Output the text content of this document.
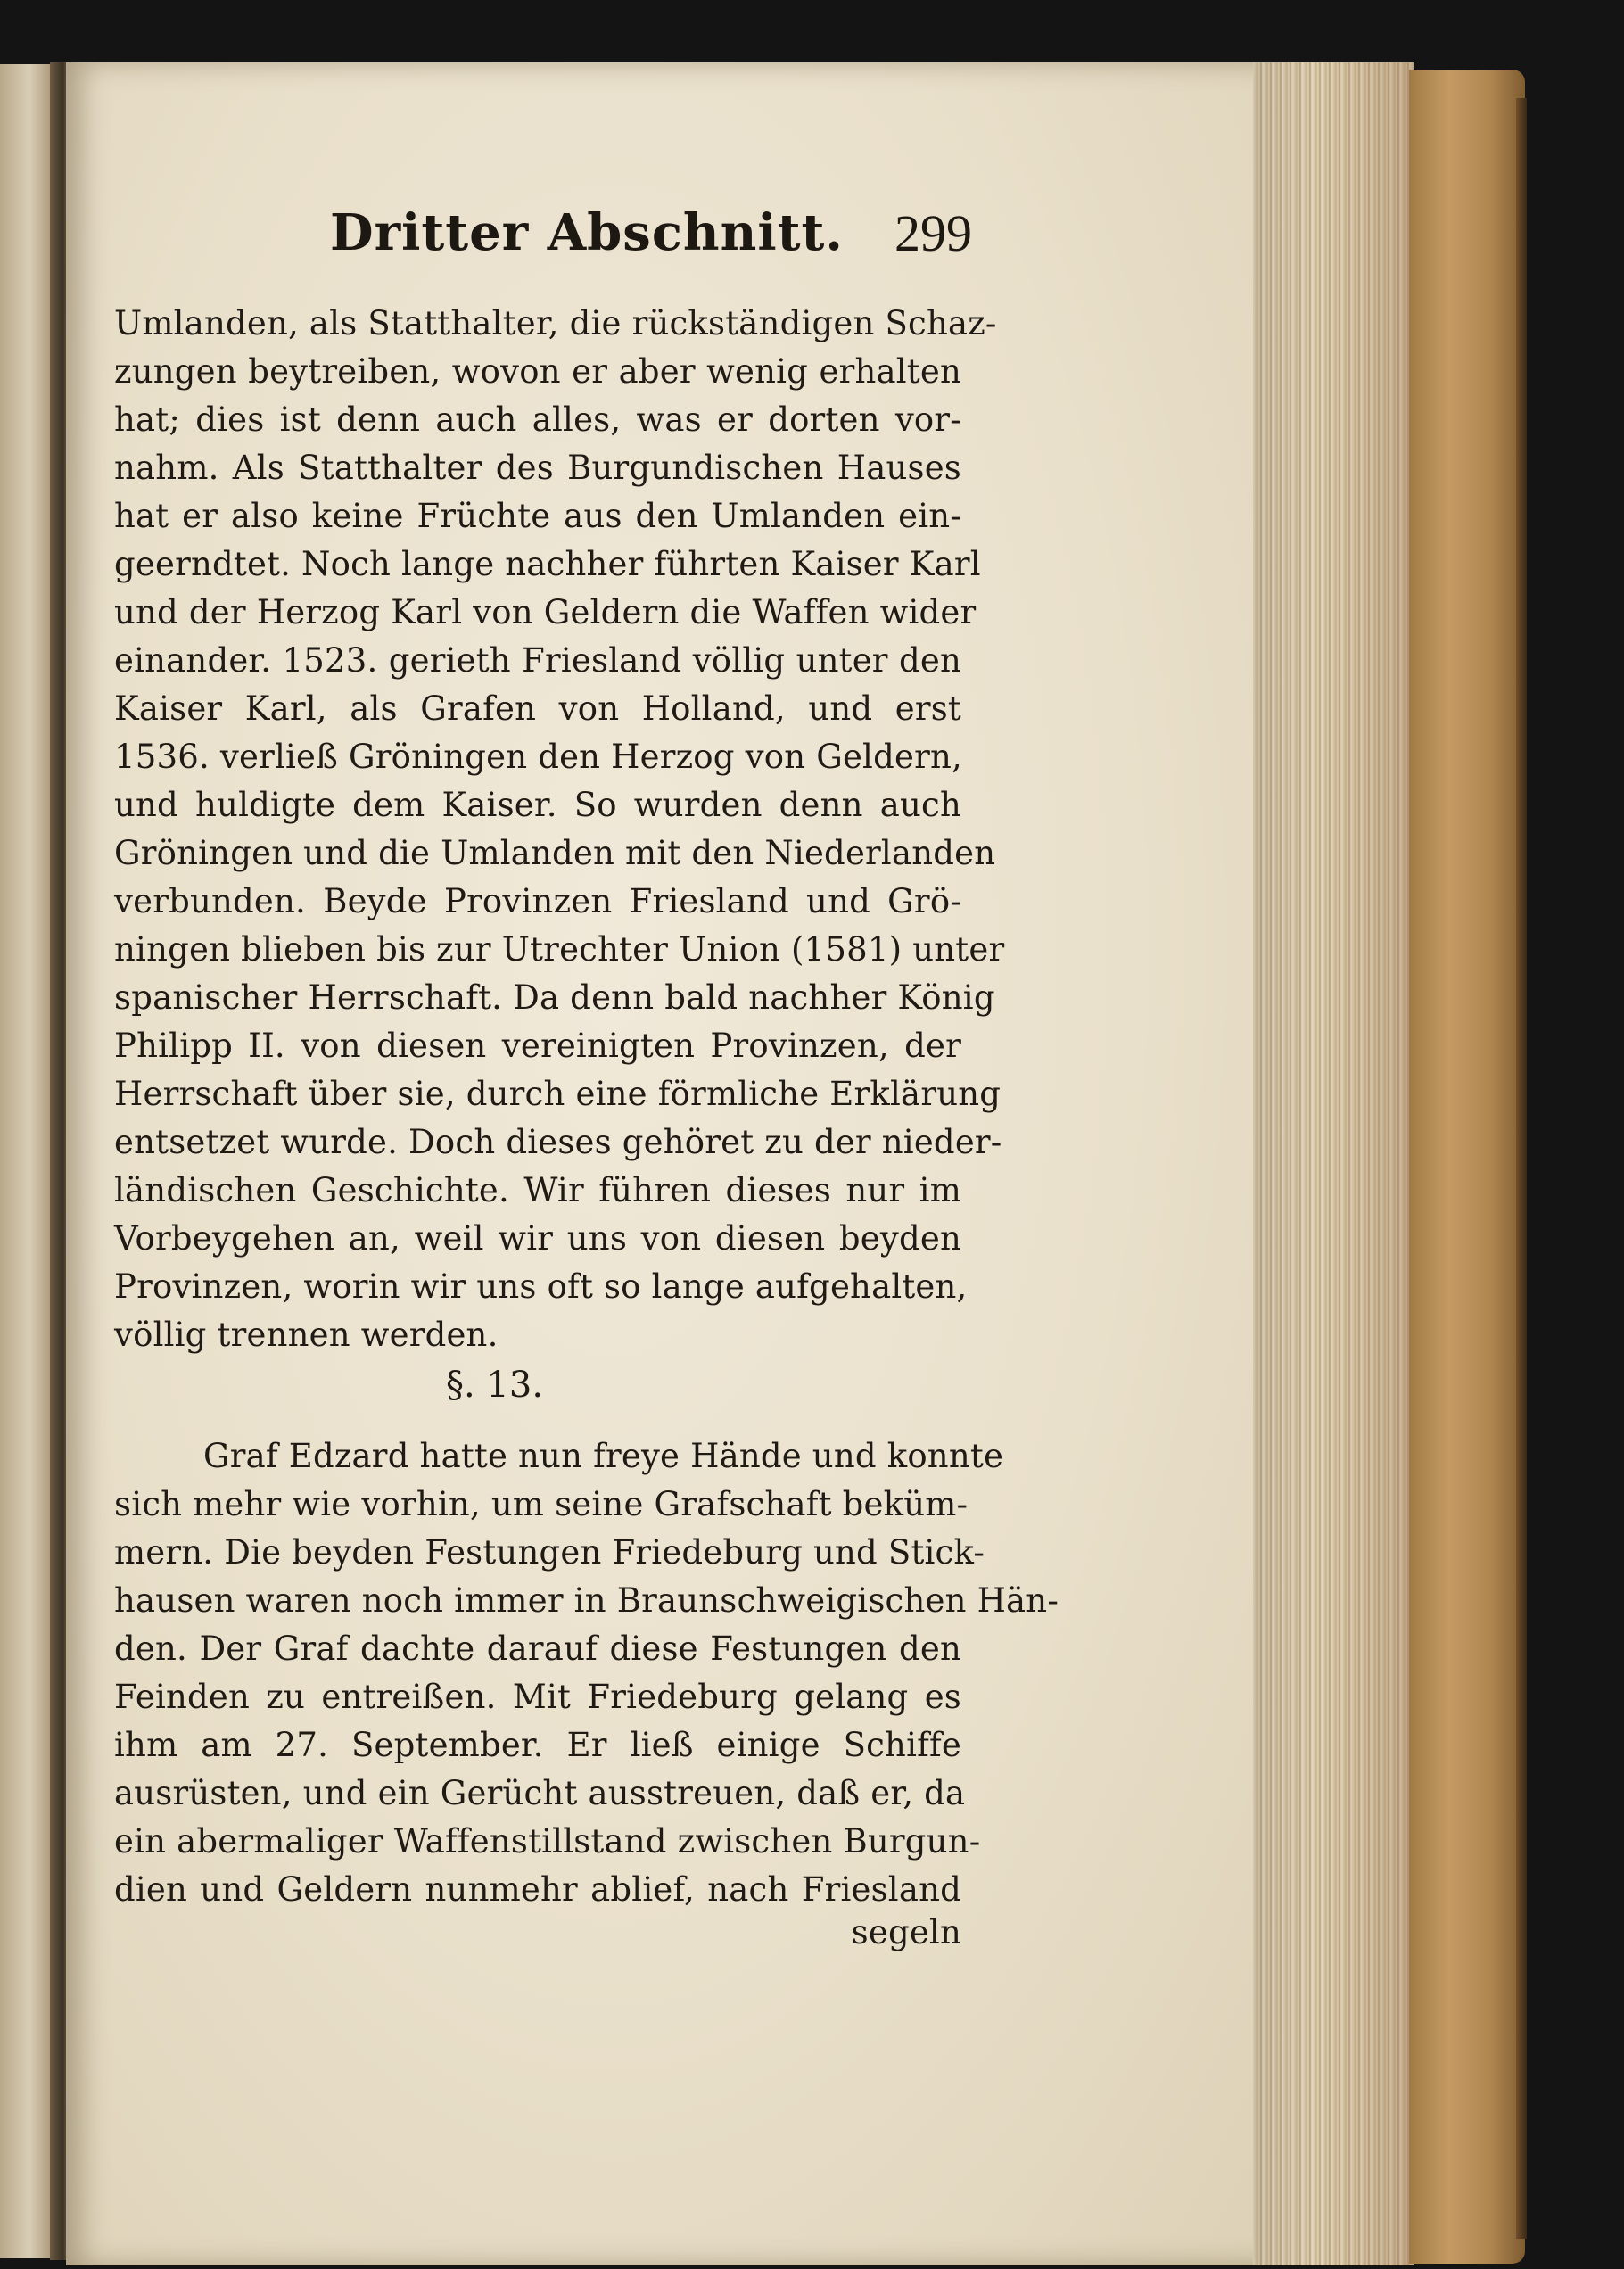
Dritter Abschnitt. 299
Umlanden, als Statthalter, die rückständigen Schaz-
zungen beytreiben, wovon er aber wenig erhalten
hat; dies ist denn auch alles, was er dorten vor-
nahm. Als Statthalter des Burgundischen Hauses
hat er also keine Früchte aus den Umlanden ein-
geerndtet. Noch lange nachher führten Kaiser Karl
und der Herzog Karl von Geldern die Waffen wider
einander. 1523. gerieth Friesland völlig unter den
Kaiser Karl, als Grafen von Holland, und erst
1536. verließ Gröningen den Herzog von Geldern,
und huldigte dem Kaiser. So wurden denn auch
Gröningen und die Umlanden mit den Niederlanden
verbunden. Beyde Provinzen Friesland und Grö-
ningen blieben bis zur Utrechter Union (1581) unter
spanischer Herrschaft. Da denn bald nachher König
Philipp II. von diesen vereinigten Provinzen, der
Herrschaft über sie, durch eine förmliche Erklärung
entsetzet wurde. Doch dieses gehöret zu der nieder-
ländischen Geschichte. Wir führen dieses nur im
Vorbeygehen an, weil wir uns von diesen beyden
Provinzen, worin wir uns oft so lange aufgehalten,
völlig trennen werden.
§. 13.
Graf Edzard hatte nun freye Hände und konnte
sich mehr wie vorhin, um seine Grafschaft beküm-
mern. Die beyden Festungen Friedeburg und Stick-
hausen waren noch immer in Braunschweigischen Hän-
den. Der Graf dachte darauf diese Festungen den
Feinden zu entreißen. Mit Friedeburg gelang es
ihm am 27. September. Er ließ einige Schiffe
ausrüsten, und ein Gerücht ausstreuen, daß er, da
ein abermaliger Waffenstillstand zwischen Burgun-
dien und Geldern nunmehr ablief, nach Friesland
segeln
